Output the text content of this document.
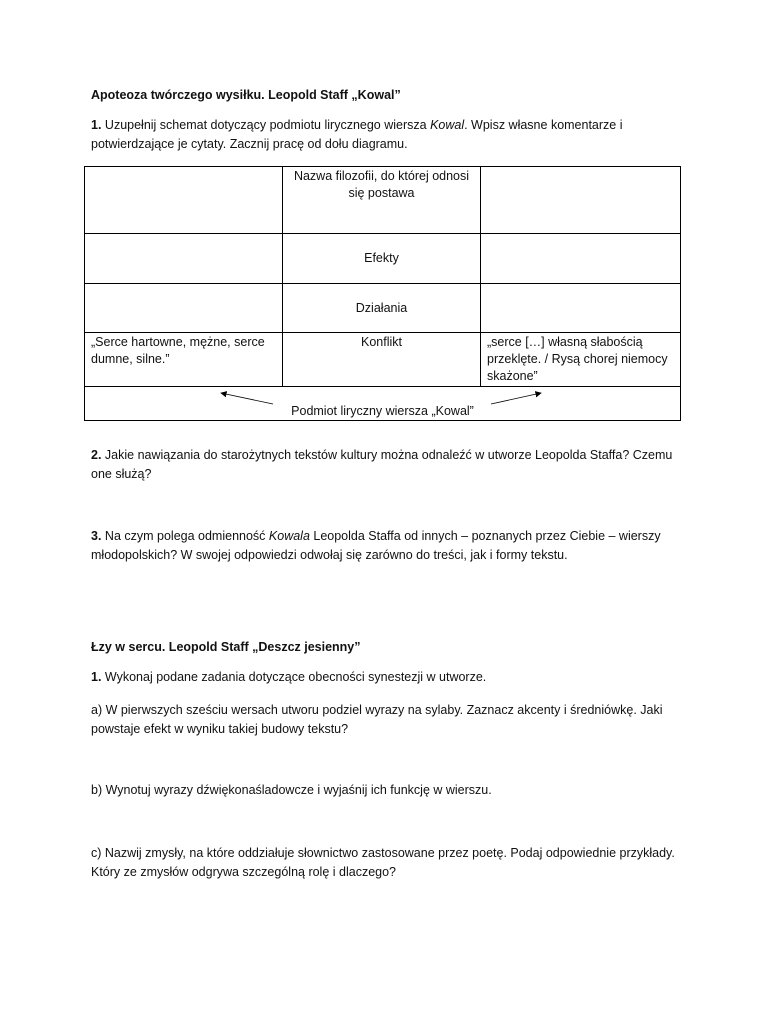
Apoteoza twórczego wysiłku. Leopold Staff „Kowal”
1. Uzupełnij schemat dotyczący podmiotu lirycznego wiersza Kowal. Wpisz własne komentarze i potwierdzające je cytaty. Zacznij pracę od dołu diagramu.
	Nazwa filozofii, do której odnosi się postawa	
	Efekty	
	Działania	
„Serce hartowne, mężne, serce dumne, silne.”	Konflikt	„serce […] własną słabością przeklęte. / Rysą chorej niemocy skażone”

Podmiot liryczny wiersza „Kowal”		
2. Jakie nawiązania do starożytnych tekstów kultury można odnaleźć w utworze Leopolda Staffa? Czemu one służą?
3. Na czym polega odmienność Kowala Leopolda Staffa od innych – poznanych przez Ciebie – wierszy młodopolskich? W swojej odpowiedzi odwołaj się zarówno do treści, jak i formy tekstu.
Łzy w sercu. Leopold Staff „Deszcz jesienny”
1. Wykonaj podane zadania dotyczące obecności synestezji w utworze.
a) W pierwszych sześciu wersach utworu podziel wyrazy na sylaby. Zaznacz akcenty i średniówkę. Jaki powstaje efekt w wyniku takiej budowy tekstu?
b) Wynotuj wyrazy dźwiękonaśladowcze i wyjaśnij ich funkcję w wierszu.
c) Nazwij zmysły, na które oddziałuje słownictwo zastosowane przez poetę. Podaj odpowiednie przykłady. Który ze zmysłów odgrywa szczególną rolę i dlaczego?
